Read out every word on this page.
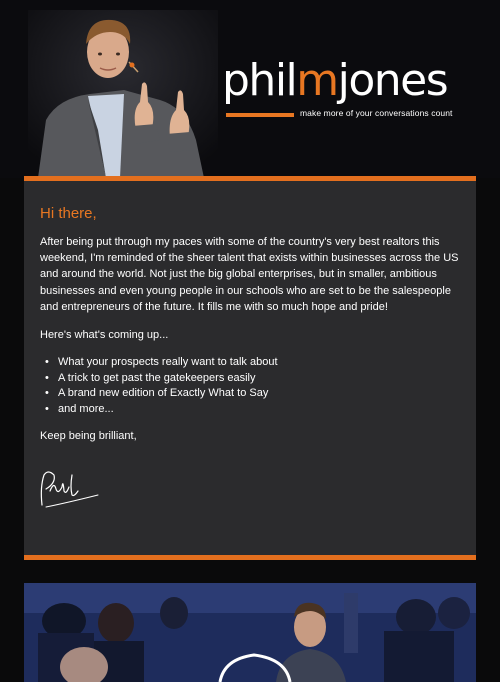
philmjones
make more of your conversations count
Hi there,

After being put through my paces with some of the country's very best realtors this weekend, I'm reminded of the sheer talent that exists within businesses across the US and around the world. Not just the big global enterprises, but in smaller, ambitious businesses and even young people in our schools who are set to be the salespeople and entrepreneurs of the future. It fills me with so much hope and pride!

Here's what's coming up...

• What your prospects really want to talk about
• A trick to get past the gatekeepers easily
• A brand new edition of Exactly What to Say
• and more...

Keep being brilliant,
